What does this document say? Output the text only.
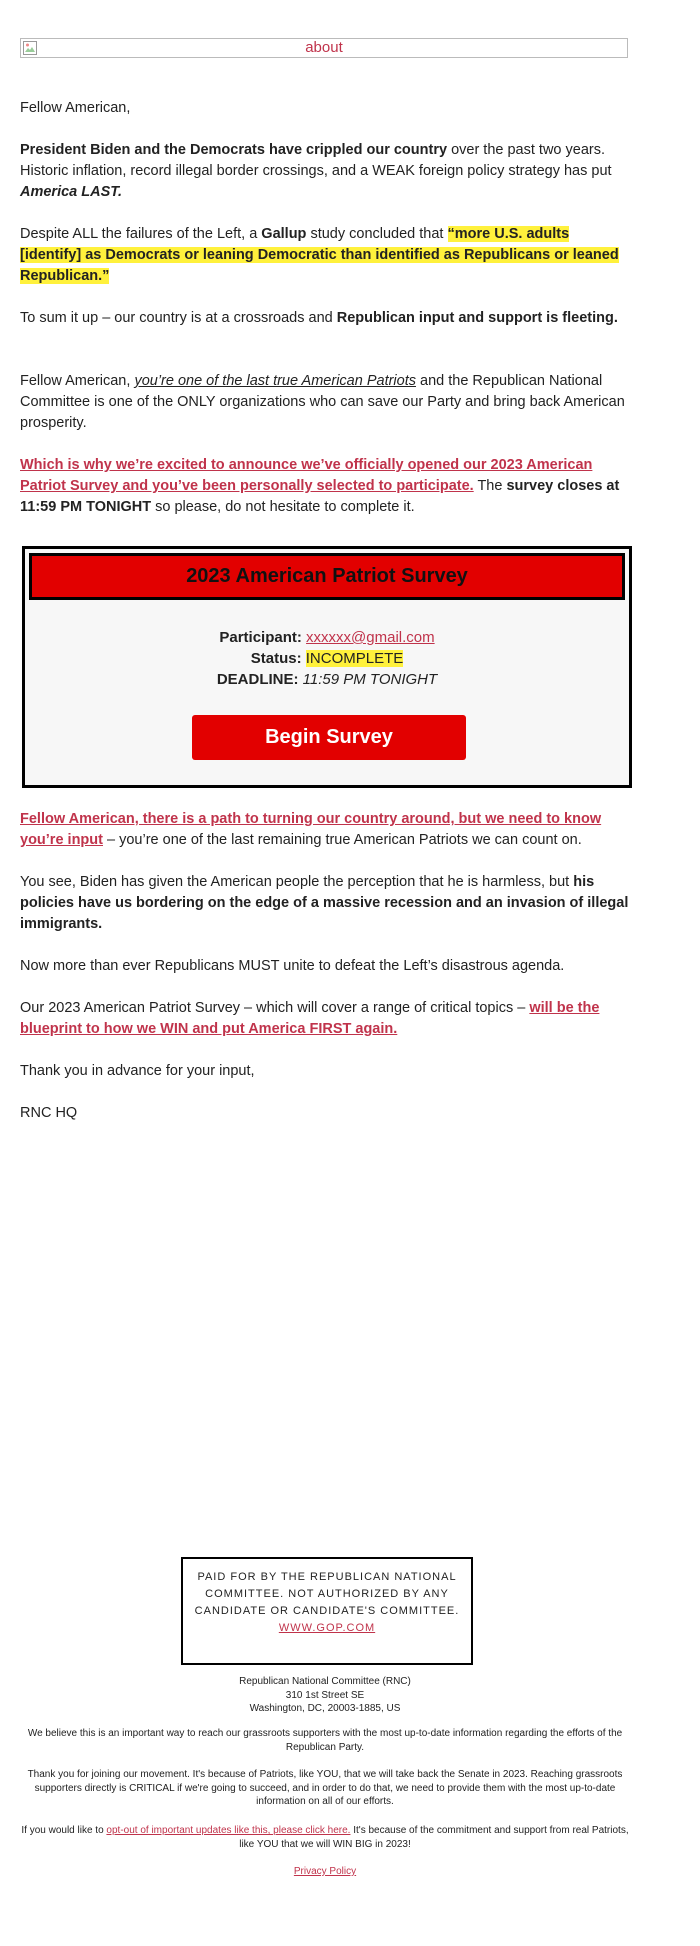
about

Fellow American,

President Biden and the Democrats have crippled our country over the past two years. Historic inflation, record illegal border crossings, and a WEAK foreign policy strategy has put America LAST.

Despite ALL the failures of the Left, a Gallup study concluded that “more U.S. adults [identify] as Democrats or leaning Democratic than identified as Republicans or leaned Republican.”

To sum it up – our country is at a crossroads and Republican input and support is fleeting.

Fellow American, you’re one of the last true American Patriots and the Republican National Committee is one of the ONLY organizations who can save our Party and bring back American prosperity.

Which is why we’re excited to announce we’ve officially opened our 2023 American Patriot Survey and you’ve been personally selected to participate. The survey closes at 11:59 PM TONIGHT so please, do not hesitate to complete it.

Fellow American, there is a path to turning our country around, but we need to know you’re input – you’re one of the last remaining true American Patriots we can count on.

You see, Biden has given the American people the perception that he is harmless, but his policies have us bordering on the edge of a massive recession and an invasion of illegal immigrants.

Now more than ever Republicans MUST unite to defeat the Left’s disastrous agenda.

Our 2023 American Patriot Survey – which will cover a range of critical topics – will be the blueprint to how we WIN and put America FIRST again.

Thank you in advance for your input,

RNC HQ

2023 American Patriot Survey
Participant: xxxxxx@gmail.com
Status: INCOMPLETE
DEADLINE: 11:59 PM TONIGHT
Begin Survey
PAID FOR BY THE REPUBLICAN NATIONAL COMMITTEE. NOT AUTHORIZED BY ANY CANDIDATE OR CANDIDATE'S COMMITTEE.
WWW.GOP.COM
Republican National Committee (RNC)
310 1st Street SE
Washington, DC, 20003-1885, US
We believe this is an important way to reach our grassroots supporters with the most up-to-date information regarding the efforts of the Republican Party.
Thank you for joining our movement. It's because of Patriots, like YOU, that we will take back the Senate in 2023. Reaching grassroots supporters directly is CRITICAL if we're going to succeed, and in order to do that, we need to provide them with the most up-to-date information on all of our efforts.
If you would like to opt-out of important updates like this, please click here. It's because of the commitment and support from real Patriots, like YOU that we will WIN BIG in 2023!
Privacy Policy
